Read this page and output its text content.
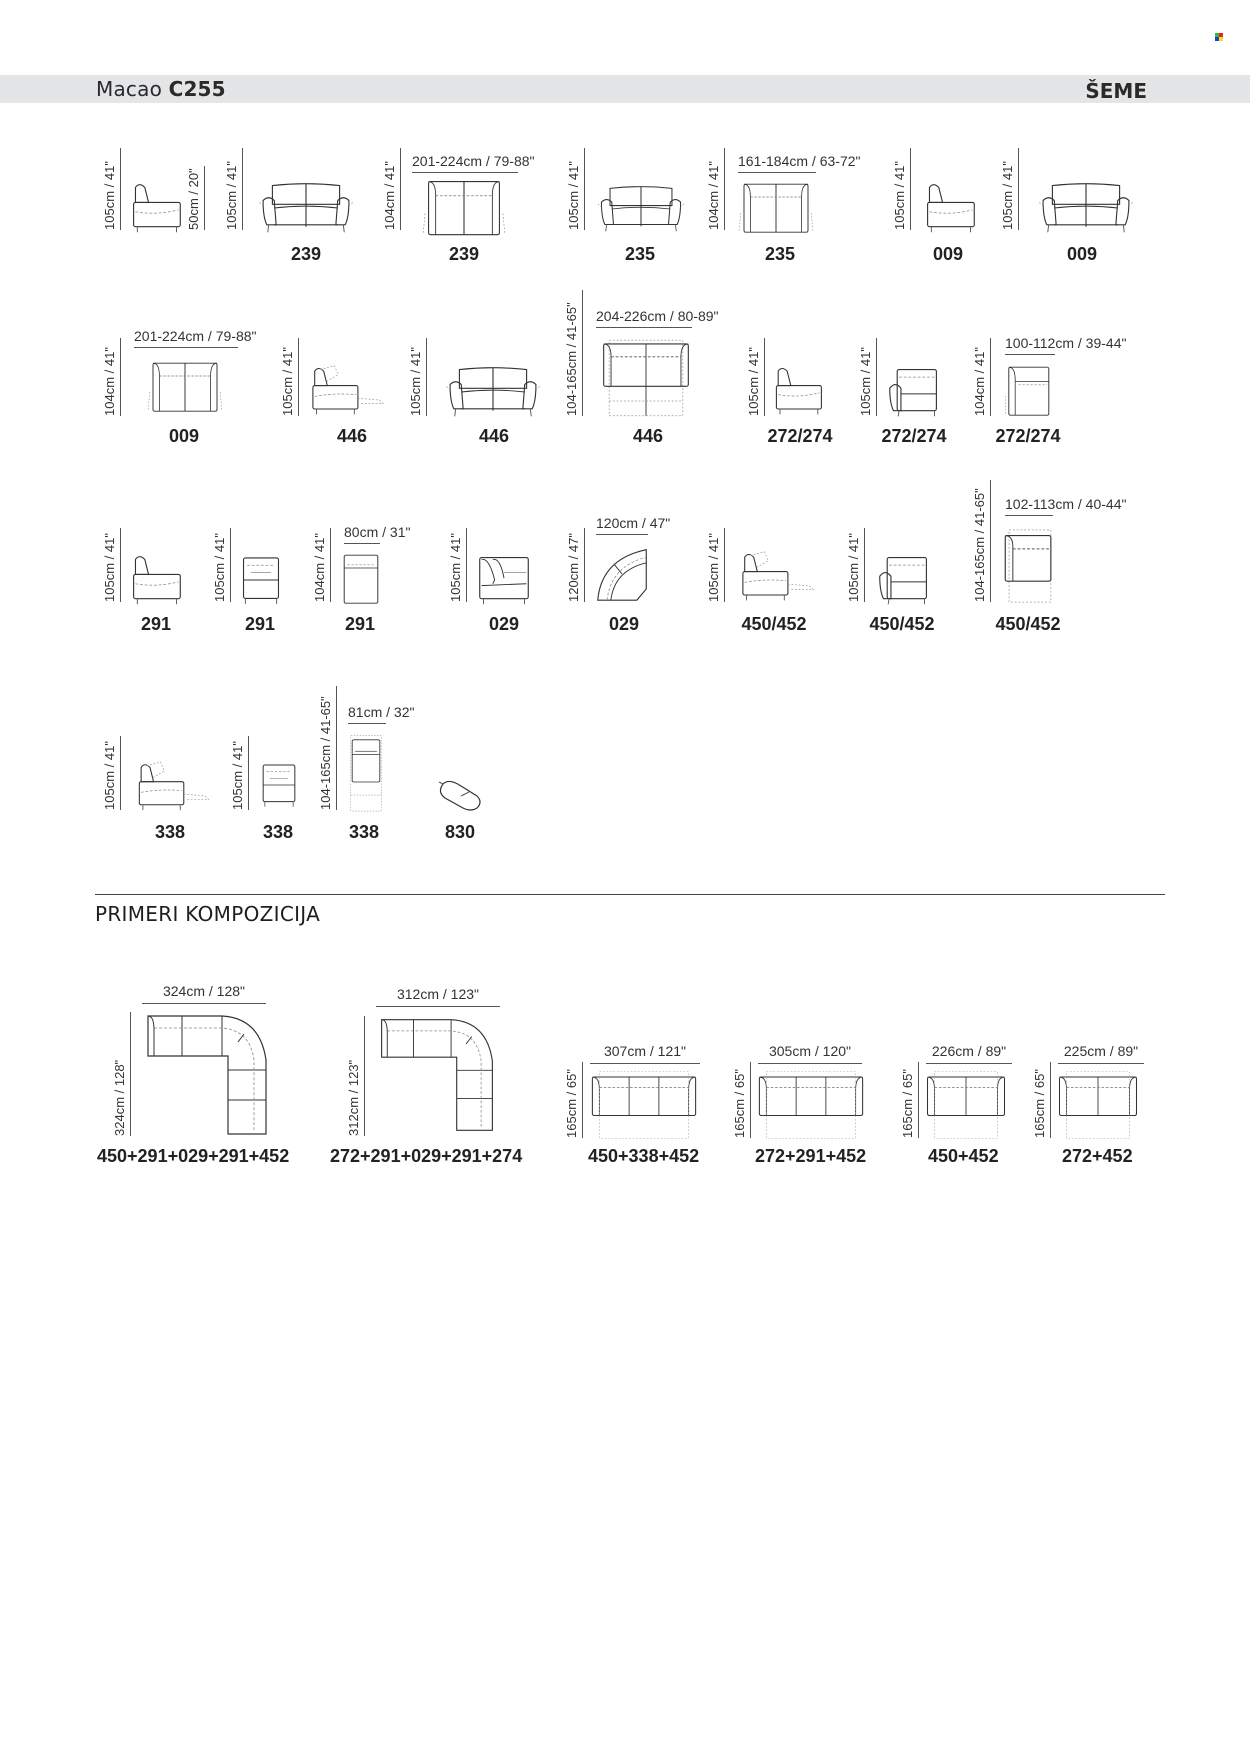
Macao C255	ŠEME
105cm / 41"	50cm / 20"	105cm / 41"
239
104cm / 41"
201-224cm / 79-88"
239
105cm / 41"
235
104cm / 41"
161-184cm / 63-72"
235
105cm / 41"
009
105cm / 41"
009
104cm / 41"
201-224cm / 79-88"
009
105cm / 41"
446
105cm / 41"
446
104-165cm / 41-65" 204-226cm / 80-89"
446
105cm / 41"
272/274
105cm / 41"
272/274
104cm / 41"
100-112cm / 39-44"
272/274
105cm / 41"
291
105cm / 41"
291
104cm / 41"
80cm / 31"
291
105cm / 41"
029
120cm / 47"
120cm / 47"
029
105cm / 41"
450/452
105cm / 41"
450/452
104-165cm / 41-65" 102-113cm / 40-44"
450/452
105cm / 41"
338
105cm / 41"
338
104-165cm / 41-65" 81cm / 32"
338	830
PRIMERI KOMPOZICIJA
324cm / 128"
324cm / 128"
450+291+029+291+452
312cm / 123"
312cm / 123"
272+291+029+291+274
307cm / 121"
165cm / 65"
450+338+452
305cm / 120"
165cm / 65"
272+291+452
226cm / 89"
165cm / 65"
450+452
225cm / 89"
165cm / 65"
272+452
